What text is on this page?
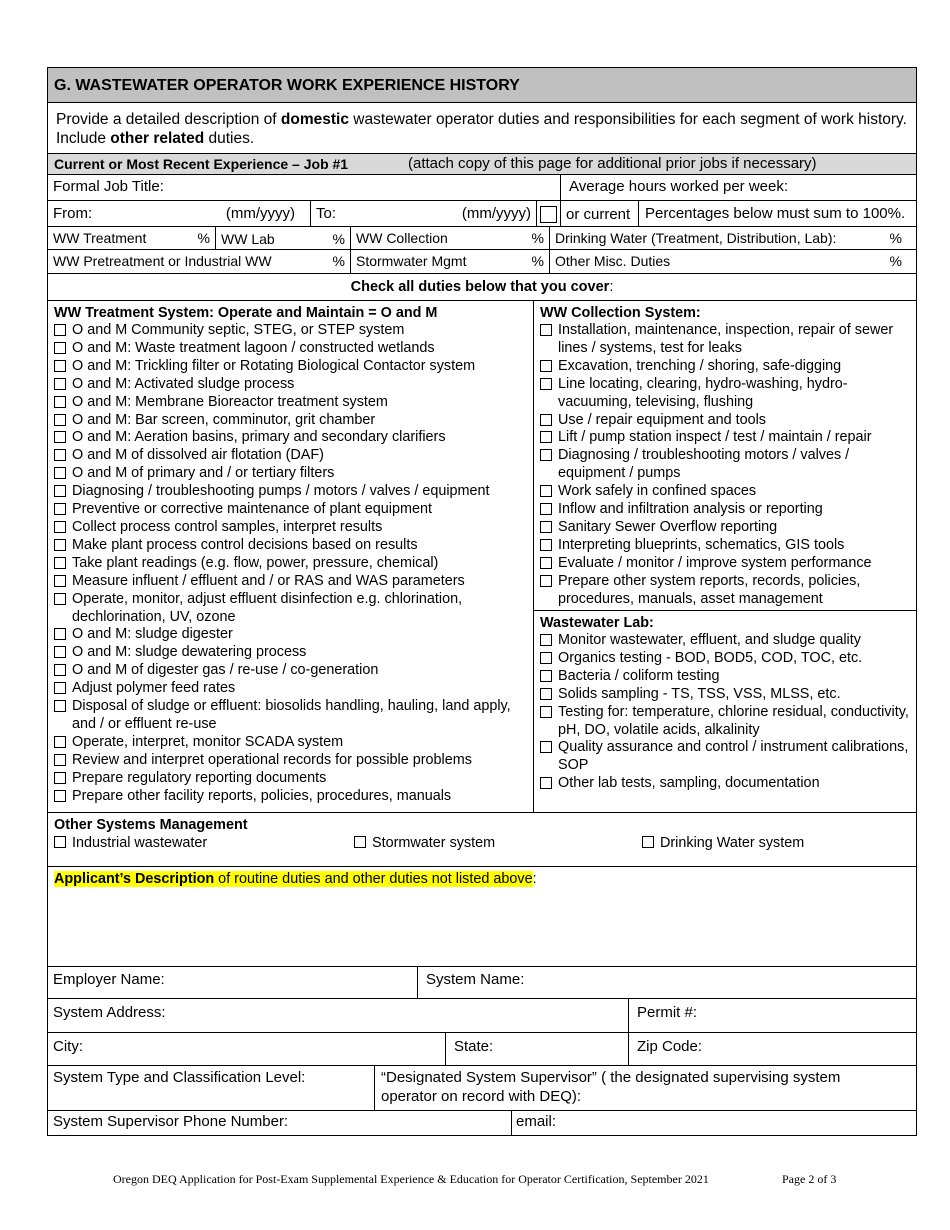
G. WASTEWATER OPERATOR WORK EXPERIENCE HISTORY
Provide a detailed description of domestic wastewater operator duties and responsibilities for each segment of work history. Include other related duties.
Current or Most Recent Experience – Job #1	(attach copy of this page for additional prior jobs if necessary)
Formal Job Title:	Average hours worked per week:
From:	(mm/yyyy) To:	(mm/yyyy)	or current Percentages below must sum to 100%.
WW Treatment	% WW Lab	% WW Collection	% Drinking Water (Treatment, Distribution, Lab):	%
WW Pretreatment or Industrial WW	% Stormwater Mgmt	% Other Misc. Duties	%
Check all duties below that you cover :
WW Treatment System: Operate and Maintain = O and M
O and M Community septic, STEG, or STEP system
O and M: Waste treatment lagoon / constructed wetlands
O and M: Trickling filter or Rotating Biological Contactor system
O and M: Activated sludge process
O and M: Membrane Bioreactor treatment system
O and M: Bar screen, comminutor, grit chamber
O and M: Aeration basins, primary and secondary clarifiers
O and M of dissolved air flotation (DAF)
O and M of primary and / or tertiary filters
Diagnosing / troubleshooting pumps / motors / valves / equipment
Preventive or corrective maintenance of plant equipment
Collect process control samples, interpret results
Make plant process control decisions based on results
Take plant readings (e.g. flow, power, pressure, chemical)
Measure influent / effluent and / or RAS and WAS parameters
Operate, monitor, adjust effluent disinfection e.g. chlorination, dechlorination, UV, ozone
O and M: sludge digester
O and M: sludge dewatering process
O and M of digester gas / re-use / co-generation
Adjust polymer feed rates
Disposal of sludge or effluent: biosolids handling, hauling, land apply, and / or effluent re-use
Operate, interpret, monitor SCADA system
Review and interpret operational records for possible problems
Prepare regulatory reporting documents
Prepare other facility reports, policies, procedures, manuals
WW Collection System:
Installation, maintenance, inspection, repair of sewer lines / systems, test for leaks
Excavation, trenching / shoring, safe-digging
Line locating, clearing, hydro-washing, hydro-vacuuming, televising, flushing
Use / repair equipment and tools
Lift / pump station inspect / test / maintain / repair
Diagnosing / troubleshooting motors / valves / equipment / pumps
Work safely in confined spaces
Inflow and infiltration analysis or reporting
Sanitary Sewer Overflow reporting
Interpreting blueprints, schematics, GIS tools
Evaluate / monitor / improve system performance
Prepare other system reports, records, policies, procedures, manuals, asset management
Wastewater Lab:
Monitor wastewater, effluent, and sludge quality
Organics testing - BOD, BOD5, COD, TOC, etc.
Bacteria / coliform testing
Solids sampling - TS, TSS, VSS, MLSS, etc.
Testing for: temperature, chlorine residual, conductivity, pH, DO, volatile acids, alkalinity
Quality assurance and control / instrument calibrations, SOP
Other lab tests, sampling, documentation
Other Systems Management
Industrial wastewater	Stormwater system	Drinking Water system
Applicant’s Description of routine duties and other duties not listed above :
Employer Name:	System Name:
System Address:	Permit #:
City:	State:	Zip Code:
System Type and Classification Level:	“Designated System Supervisor” ( the designated supervising system operator on record with DEQ):
System Supervisor Phone Number:	email:
Oregon DEQ Application for Post-Exam Supplemental Experience & Education for Operator Certification, September 2021	Page 2 of 3
